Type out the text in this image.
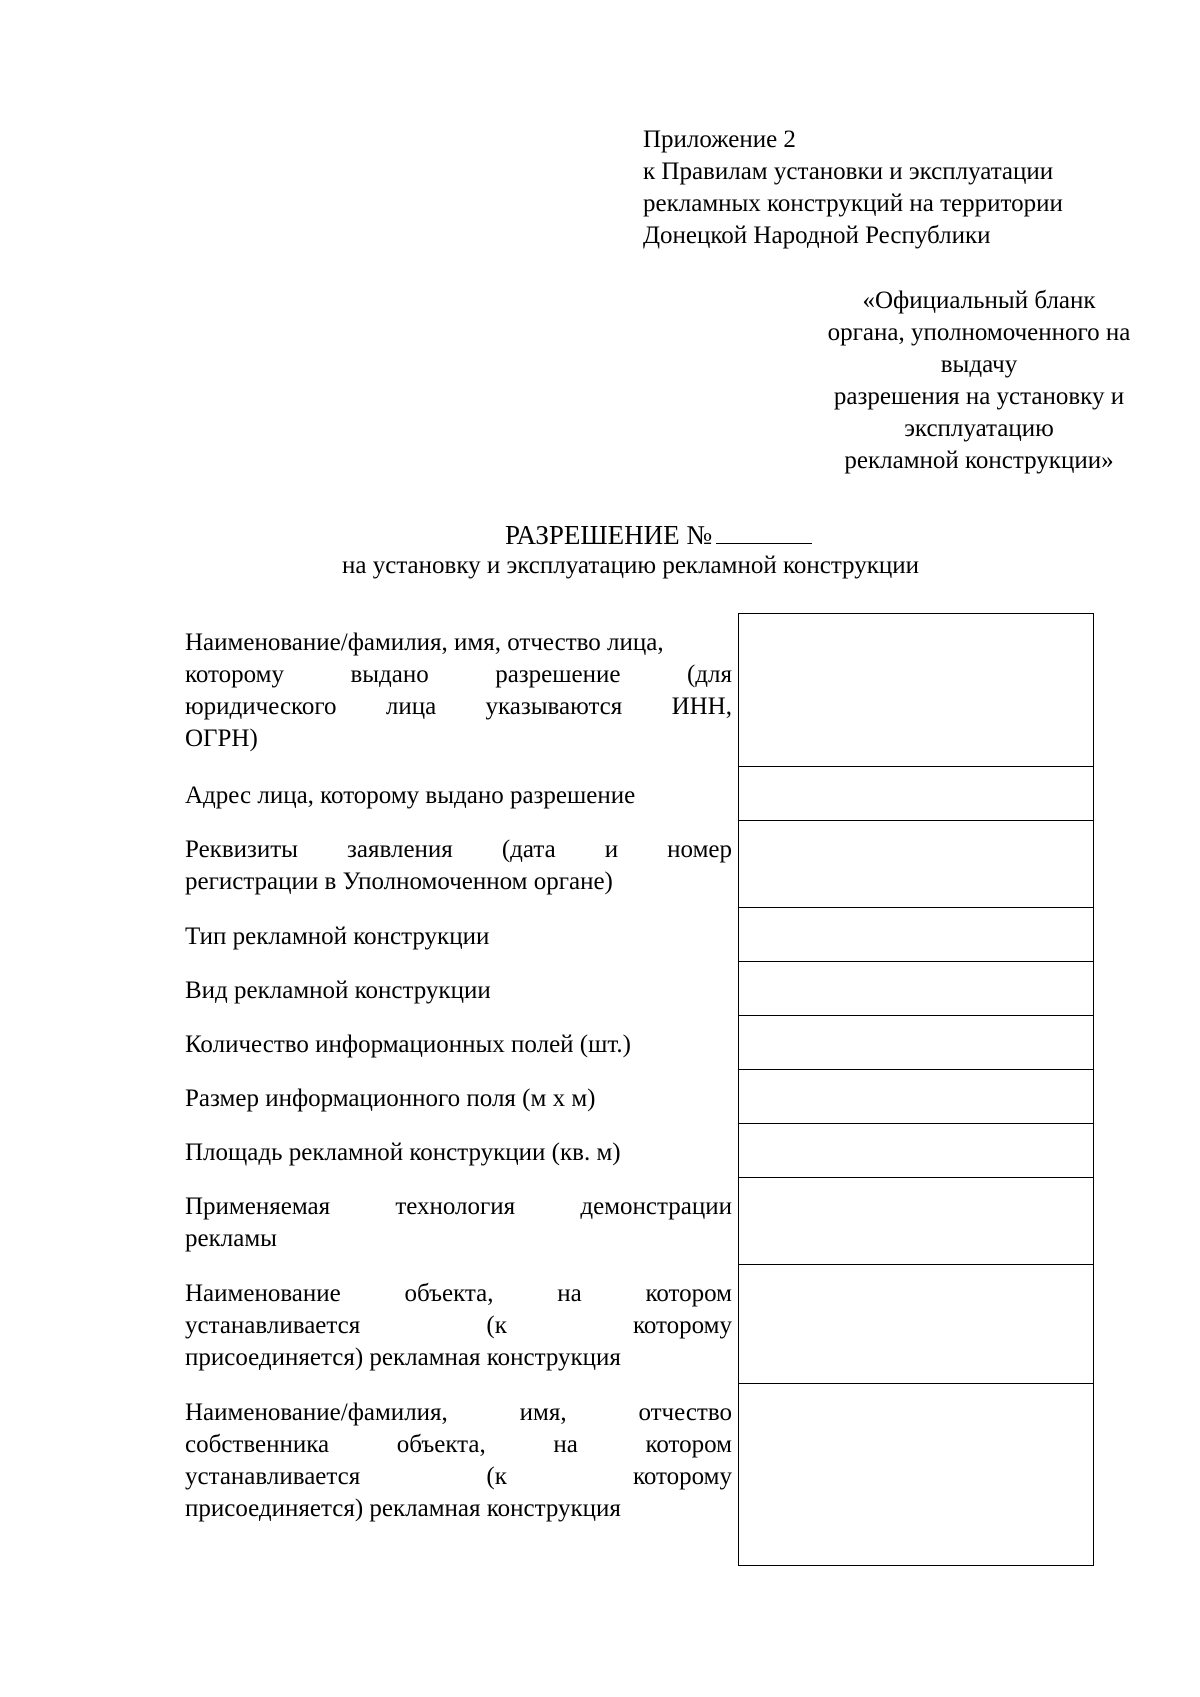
Приложение 2
к Правилам установки и эксплуатации
рекламных конструкций на территории
Донецкой Народной Республики
«Официальный бланк
органа, уполномоченного на
выдачу
разрешения на установку и
эксплуатацию
рекламной конструкции»
РАЗРЕШЕНИЕ №
на установку и эксплуатацию рекламной конструкции
Наименование/фамилия, имя, отчество лица,
которому	выдано	разрешение	(для
юридического лица указываются ИНН,
ОГРН)
Адрес лица, которому выдано разрешение
Реквизиты заявления (дата и номер
регистрации в Уполномоченном органе)
Тип рекламной конструкции
Вид рекламной конструкции
Количество информационных полей (шт.)
Размер информационного поля (м х м)
Площадь рекламной конструкции (кв. м)
Применяемая	технология	демонстрации
рекламы
Наименование	объекта,	на	котором
устанавливается	(к	которому
присоединяется) рекламная конструкция
Наименование/фамилия,	имя,	отчество
собственника	объекта,	на	котором
устанавливается	(к	которому
присоединяется) рекламная конструкция
